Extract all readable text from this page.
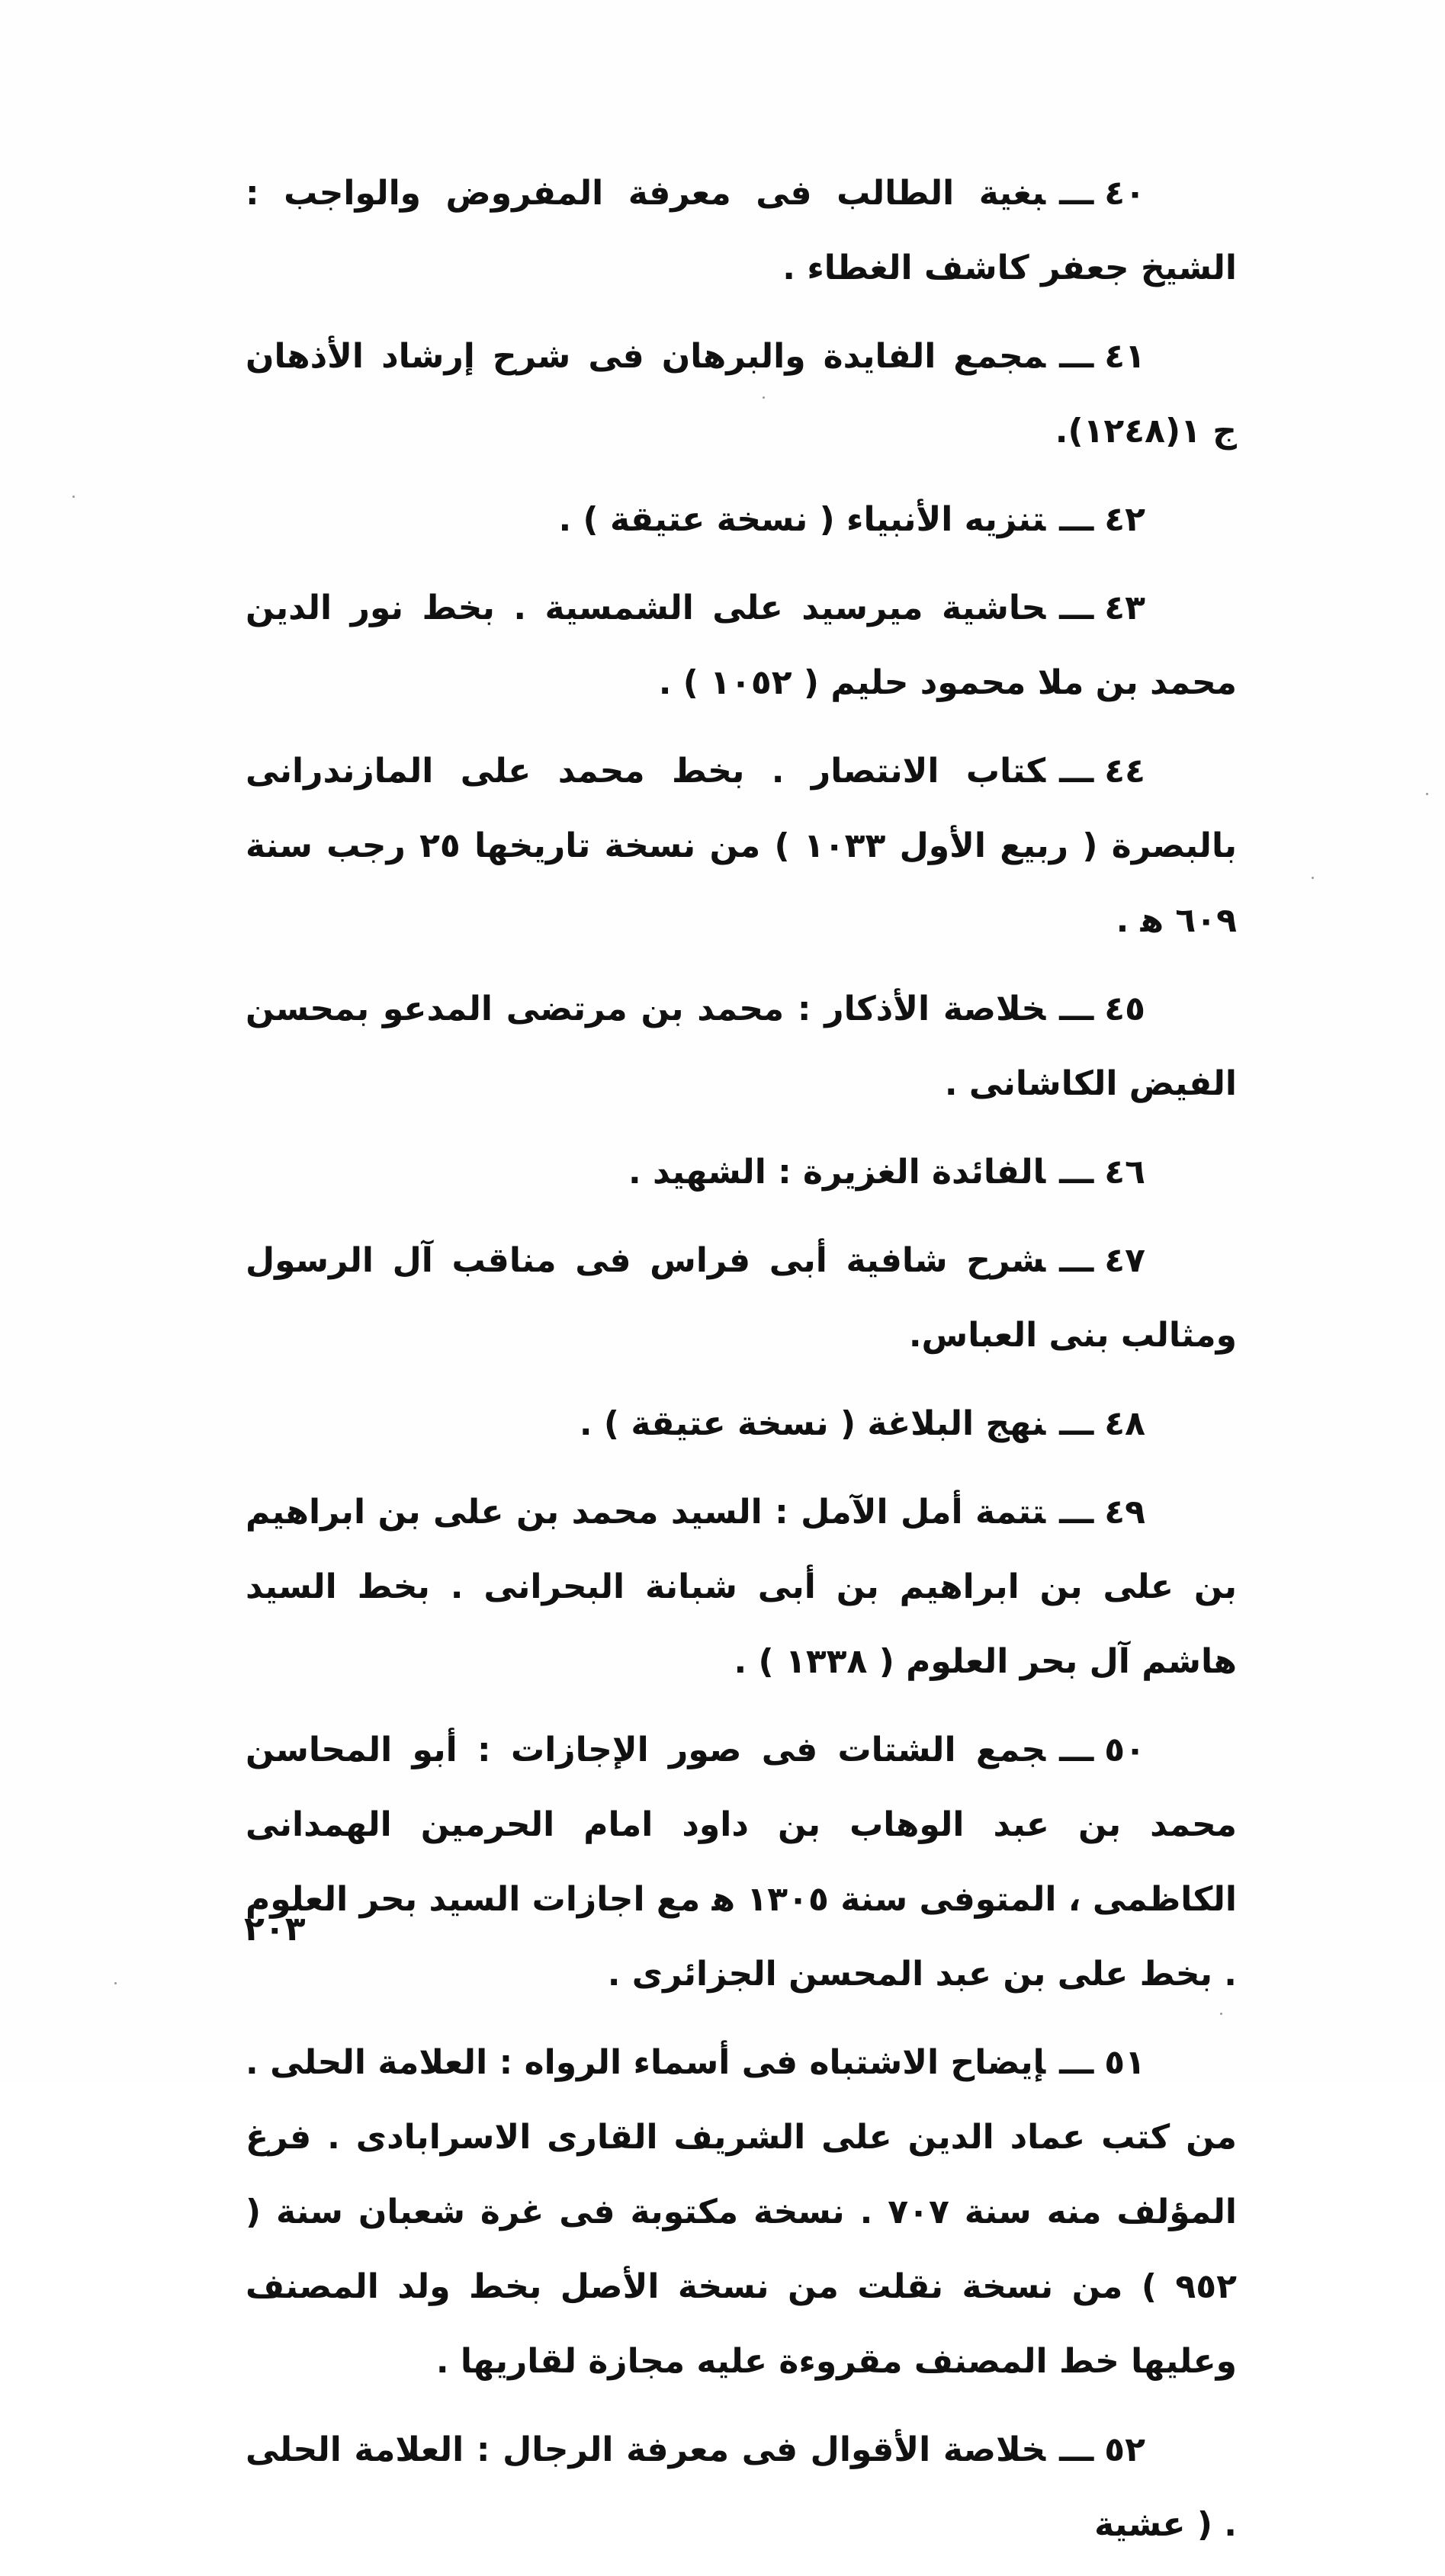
٤٠ـــبغية الطالب فى معرفة المفروض والواجب : الشيخ جعفر كاشف الغطاء .

٤١ـــمجمع الفايدة والبرهان فى شرح إرشاد الأذهان ج ١(١٢٤٨).

٤٢ـــتنزيه الأنبياء ( نسخة عتيقة ) .

٤٣ـــحاشية ميرسيد على الشمسية . بخط نور الدين محمد بن ملا محمود حليم ( ١٠٥٢ ) .

٤٤ـــكتاب الانتصار . بخط محمد على المازندرانى بالبصرة ( ربيع الأول ١٠٣٣ ) من نسخة تاريخها ٢٥ رجب سنة ٦٠٩ ﻫ .

٤٥ـــخلاصة الأذكار : محمد بن مرتضى المدعو بمحسن الفيض الكاشانى .

٤٦ـــالفائدة الغزيرة : الشهيد .

٤٧ـــشرح شافية أبى فراس فى مناقب آل الرسول ومثالب بنى العباس.

٤٨ـــنهج البلاغة ( نسخة عتيقة ) .

٤٩ـــتتمة أمل الآمل : السيد محمد بن على بن ابراهيم بن على بن ابراهيم بن أبى شبانة البحرانى . بخط السيد هاشم آل بحر العلوم ( ١٣٣٨ ) .

٥٠ـــجمع الشتات فى صور الإجازات : أبو المحاسن محمد بن عبد الوهاب بن داود امام الحرمين الهمدانى الكاظمى ، المتوفى سنة ١٣٠٥ ﻫ مع اجازات السيد بحر العلوم . بخط على بن عبد المحسن الجزائرى .

٥١ـــإيضاح الاشتباه فى أسماء الرواه : العلامة الحلى . من كتب عماد الدين على الشريف القارى الاسرابادى . فرغ المؤلف منه سنة ٧٠٧ . نسخة مكتوبة فى غرة شعبان سنة ( ٩٥٢ ) من نسخة نقلت من نسخة الأصل بخط ولد المصنف وعليها خط المصنف مقروءة عليه مجازة لقاريها .

٥٢ـــخلاصة الأقوال فى معرفة الرجال : العلامة الحلى . ( عشية

٢٠٣
